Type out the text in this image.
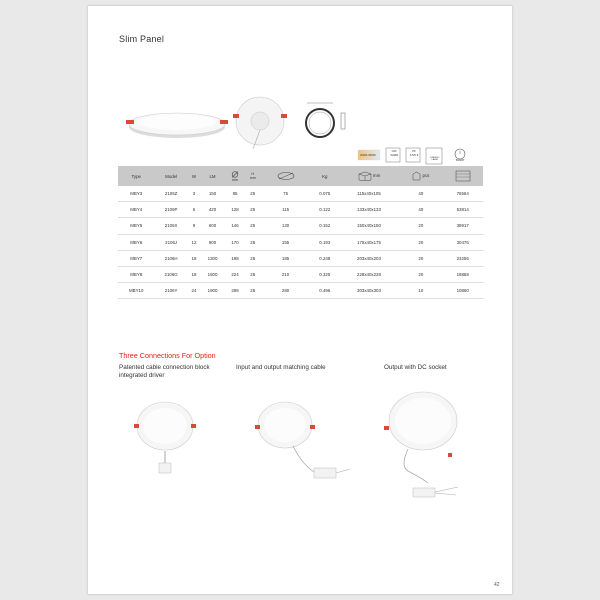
Slim Panel
Type	Model	W	LM	mm	H
mm		Kg	mm	pcs	

MBY3	2106Z	3	150	85	25	75	0.075	115x40x105	40	76564
MBY4	2106P	6	420	128	25	115	0.122	133x40x133	40	53814
MBY5	2106X	9	600	146	25	130	0.152	150x40x150	20	39917
MBY6	2106J	12	900	170	25	155	0.193	175x40x175	20	30476
MBY7	2106H	18	1300	198	25	185	0.248	203x40x203	20	23256
MBY8	2106G	18	1500	224	25	210	0.325	228x40x228	20	18868
MBY10	2106Y	24	1900	298	25	280	0.496	303x40x303	10	10860
3000K-6500K
CRI >Ra80
PF 0.5/0.9
ENERGY LABEL	50000H
Three Connections For Option
Patented cable connection block integrated driver
Input and output matching cable	Output with DC socket
42
